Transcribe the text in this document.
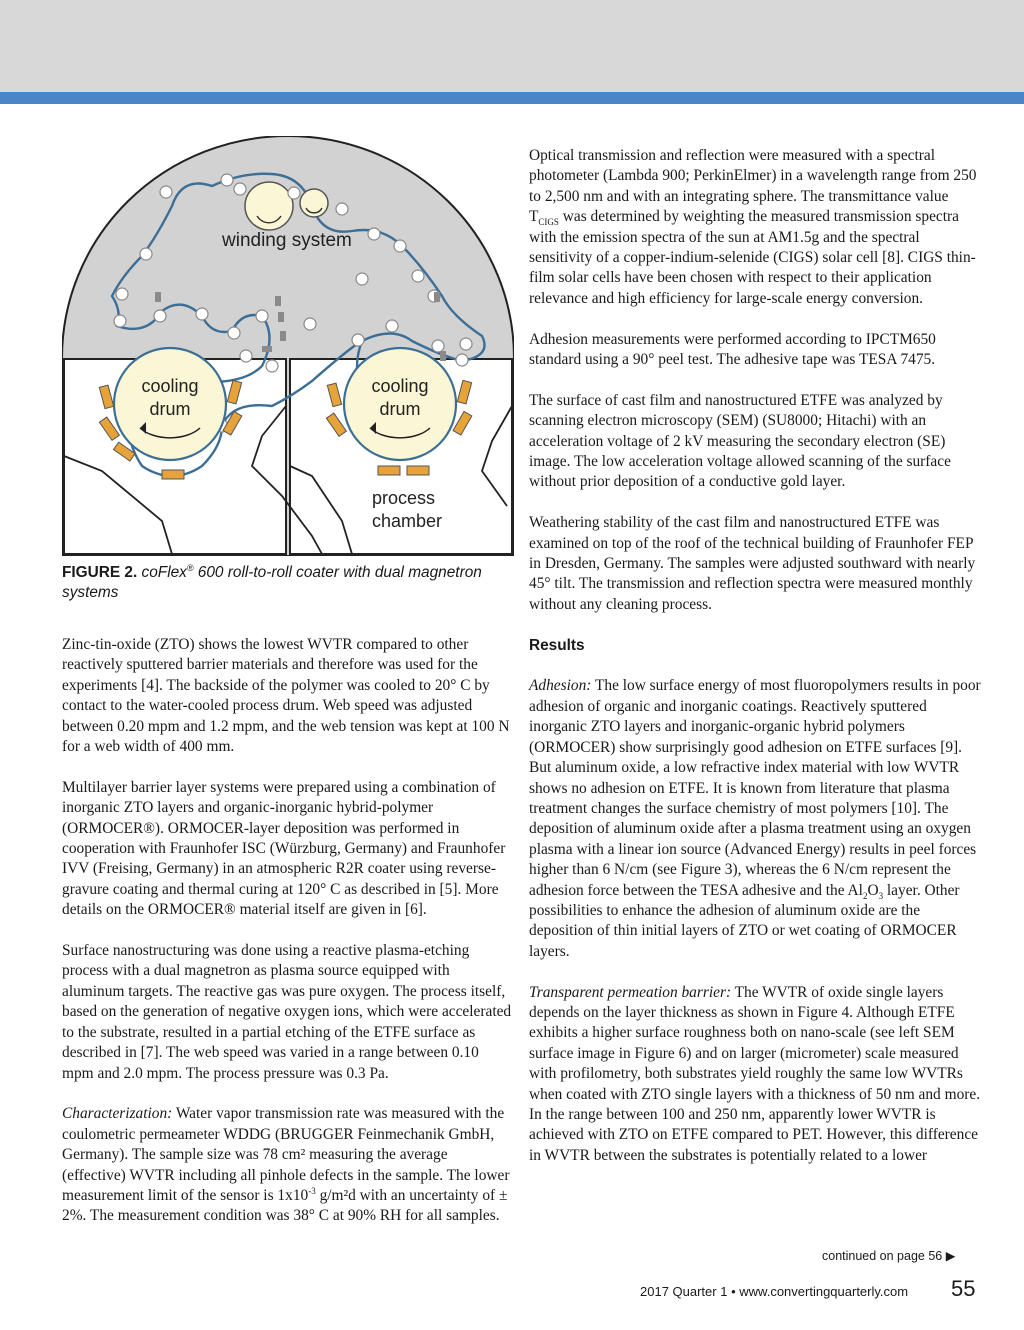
cooling
drum
cooling
drum
winding system
process
chamber
FIGURE 2. coFlex® 600 roll-to-roll coater with dual magnetron systems

Zinc-tin-oxide (ZTO) shows the lowest WVTR compared to other reactively sputtered barrier materials and therefore was used for the experiments [4]. The backside of the polymer was cooled to 20° C by contact to the water-cooled process drum. Web speed was adjusted between 0.20 mpm and 1.2 mpm, and the web tension was kept at 100 N for a web width of 400 mm.

Multilayer barrier layer systems were prepared using a combination of inorganic ZTO layers and organic-inorganic hybrid-polymer (ORMOCER®). ORMOCER-layer deposition was performed in cooperation with Fraunhofer ISC (Würzburg, Germany) and Fraunhofer IVV (Freising, Germany) in an atmospheric R2R coater using reverse-gravure coating and thermal curing at 120° C as described in [5]. More details on the ORMOCER® material itself are given in [6].

Surface nanostructuring was done using a reactive plasma-etching process with a dual magnetron as plasma source equipped with aluminum targets. The reactive gas was pure oxygen. The process itself, based on the generation of negative oxygen ions, which were accelerated to the substrate, resulted in a partial etching of the ETFE surface as described in [7]. The web speed was varied in a range between 0.10 mpm and 2.0 mpm. The process pressure was 0.3 Pa.

Characterization: Water vapor transmission rate was measured with the coulometric permeameter WDDG (BRUGGER Feinmechanik GmbH, Germany). The sample size was 78 cm² measuring the average (effective) WVTR including all pinhole defects in the sample. The lower measurement limit of the sensor is $1x10^{-3}$ g/m²d with an uncertainty of ± 2%. The measurement condition was 38° C at 90% RH for all samples.

Optical transmission and reflection were measured with a spectral photometer (Lambda 900; PerkinElmer) in a wavelength range from 250 to 2,500 nm and with an integrating sphere. The transmittance value $T_{CIGS}$ was determined by weighting the measured transmission spectra with the emission spectra of the sun at AM1.5g and the spectral sensitivity of a copper-indium-selenide (CIGS) solar cell [8]. CIGS thin-film solar cells have been chosen with respect to their application relevance and high efficiency for large-scale energy conversion.

Adhesion measurements were performed according to IPCTM650 standard using a 90° peel test. The adhesive tape was TESA 7475.

The surface of cast film and nanostructured ETFE was analyzed by scanning electron microscopy (SEM) (SU8000; Hitachi) with an acceleration voltage of 2 kV measuring the secondary electron (SE) image. The low acceleration voltage allowed scanning of the surface without prior deposition of a conductive gold layer.

Weathering stability of the cast film and nanostructured ETFE was examined on top of the roof of the technical building of Fraunhofer FEP in Dresden, Germany. The samples were adjusted southward with nearly 45° tilt. The transmission and reflection spectra were measured monthly without any cleaning process.

Results

Adhesion: The low surface energy of most fluoropolymers results in poor adhesion of organic and inorganic coatings. Reactively sputtered inorganic ZTO layers and inorganic-organic hybrid polymers (ORMOCER) show surprisingly good adhesion on ETFE surfaces [9]. But aluminum oxide, a low refractive index material with low WVTR shows no adhesion on ETFE. It is known from literature that plasma treatment changes the surface chemistry of most polymers [10]. The deposition of aluminum oxide after a plasma treatment using an oxygen plasma with a linear ion source (Advanced Energy) results in peel forces higher than 6 N/cm (see Figure 3), whereas the 6 N/cm represent the adhesion force between the TESA adhesive and the $Al_2O_3$ layer. Other possibilities to enhance the adhesion of aluminum oxide are the deposition of thin initial layers of ZTO or wet coating of ORMOCER layers.

Transparent permeation barrier: The WVTR of oxide single layers depends on the layer thickness as shown in Figure 4. Although ETFE exhibits a higher surface roughness both on nano-scale (see left SEM surface image in Figure 6) and on larger (micrometer) scale measured with profilometry, both substrates yield roughly the same low WVTRs when coated with ZTO single layers with a thickness of 50 nm and more. In the range between 100 and 250 nm, apparently lower WVTR is achieved with ZTO on ETFE compared to PET. However, this difference in WVTR between the substrates is potentially related to a lower

continued on page 56 ▶
2017 Quarter 1 • www.convertingquarterly.com 55
